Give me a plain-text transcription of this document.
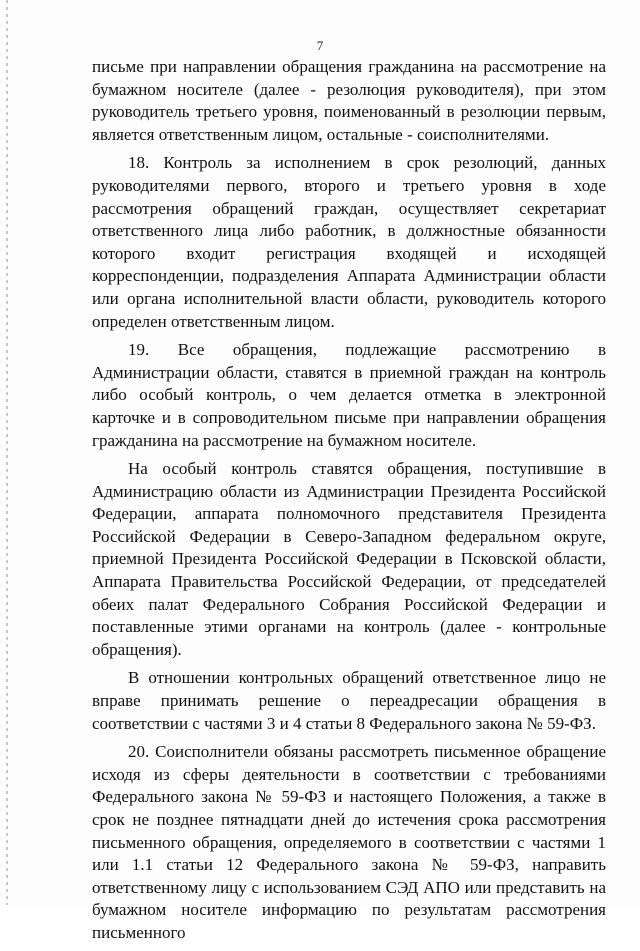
7

письме при направлении обращения гражданина на рассмотрение на бумажном носителе (далее - резолюция руководителя), при этом руководитель третьего уровня, поименованный в резолюции первым, является ответственным лицом, остальные - соисполнителями.

18. Контроль за исполнением в срок резолюций, данных руководителями первого, второго и третьего уровня в ходе рассмотрения обращений граждан, осуществляет секретариат ответственного лица либо работник, в должностные обязанности которого входит регистрация входящей и исходящей корреспонденции, подразделения Аппарата Администрации области или органа исполнительной власти области, руководитель которого определен ответственным лицом.

19. Все обращения, подлежащие рассмотрению в Администрации области, ставятся в приемной граждан на контроль либо особый контроль, о чем делается отметка в электронной карточке и в сопроводительном письме при направлении обращения гражданина на рассмотрение на бумажном носителе.

На особый контроль ставятся обращения, поступившие в Администрацию области из Администрации Президента Российской Федерации, аппарата полномочного представителя Президента Российской Федерации в Северо-Западном федеральном округе, приемной Президента Российской Федерации в Псковской области, Аппарата Правительства Российской Федерации, от председателей обеих палат Федерального Собрания Российской Федерации и поставленные этими органами на контроль (далее - контрольные обращения).

В отношении контрольных обращений ответственное лицо не вправе принимать решение о переадресации обращения в соответствии с частями 3 и 4 статьи 8 Федерального закона № 59-ФЗ.

20. Соисполнители обязаны рассмотреть письменное обращение исходя из сферы деятельности в соответствии с требованиями Федерального закона № 59-ФЗ и настоящего Положения, а также в срок не позднее пятнадцати дней до истечения срока рассмотрения письменного обращения, определяемого в соответствии с частями 1 или 1.1 статьи 12 Федерального закона № 59-ФЗ, направить ответственному лицу с использованием СЭД АПО или представить на бумажном носителе информацию по результатам рассмотрения письменного
